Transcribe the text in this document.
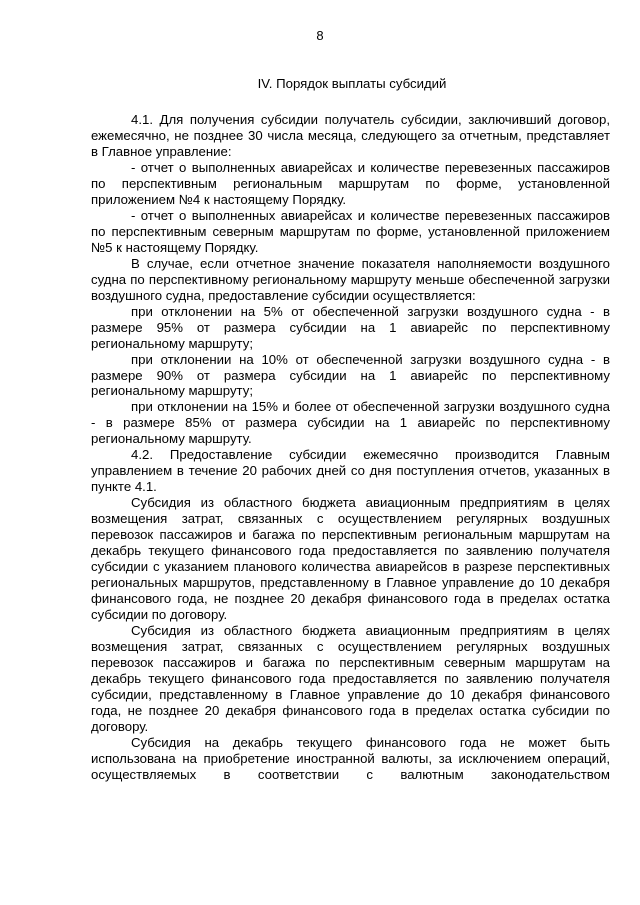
8
IV. Порядок выплаты субсидий

4.1. Для получения субсидии получатель субсидии, заключивший договор, ежемесячно, не позднее 30 числа месяца, следующего за отчетным, представляет в Главное управление:

- отчет о выполненных авиарейсах и количестве перевезенных пассажиров по перспективным региональным маршрутам по форме, установленной приложением №4 к настоящему Порядку.

- отчет о выполненных авиарейсах и количестве перевезенных пассажиров по перспективным северным маршрутам по форме, установленной приложением №5 к настоящему Порядку.

В случае, если отчетное значение показателя наполняемости воздушного судна по перспективному региональному маршруту меньше обеспеченной загрузки воздушного судна, предоставление субсидии осуществляется:

при отклонении на 5% от обеспеченной загрузки воздушного судна - в размере 95% от размера субсидии на 1 авиарейс по перспективному региональному маршруту;

при отклонении на 10% от обеспеченной загрузки воздушного судна - в размере 90% от размера субсидии на 1 авиарейс по перспективному региональному маршруту;

при отклонении на 15% и более от обеспеченной загрузки воздушного судна - в размере 85% от размера субсидии на 1 авиарейс по перспективному региональному маршруту.

4.2. Предоставление субсидии ежемесячно производится Главным управлением в течение 20 рабочих дней со дня поступления отчетов, указанных в пункте 4.1.

Субсидия из областного бюджета авиационным предприятиям в целях возмещения затрат, связанных с осуществлением регулярных воздушных перевозок пассажиров и багажа по перспективным региональным маршрутам на декабрь текущего финансового года предоставляется по заявлению получателя субсидии с указанием планового количества авиарейсов в разрезе перспективных региональных маршрутов, представленному в Главное управление до 10 декабря финансового года, не позднее 20 декабря финансового года в пределах остатка субсидии по договору.

Субсидия из областного бюджета авиационным предприятиям в целях возмещения затрат, связанных с осуществлением регулярных воздушных перевозок пассажиров и багажа по перспективным северным маршрутам на декабрь текущего финансового года предоставляется по заявлению получателя субсидии, представленному в Главное управление до 10 декабря финансового года, не позднее 20 декабря финансового года в пределах остатка субсидии по договору.

Субсидия на декабрь текущего финансового года не может быть использована на приобретение иностранной валюты, за исключением операций, осуществляемых в соответствии с валютным законодательством
